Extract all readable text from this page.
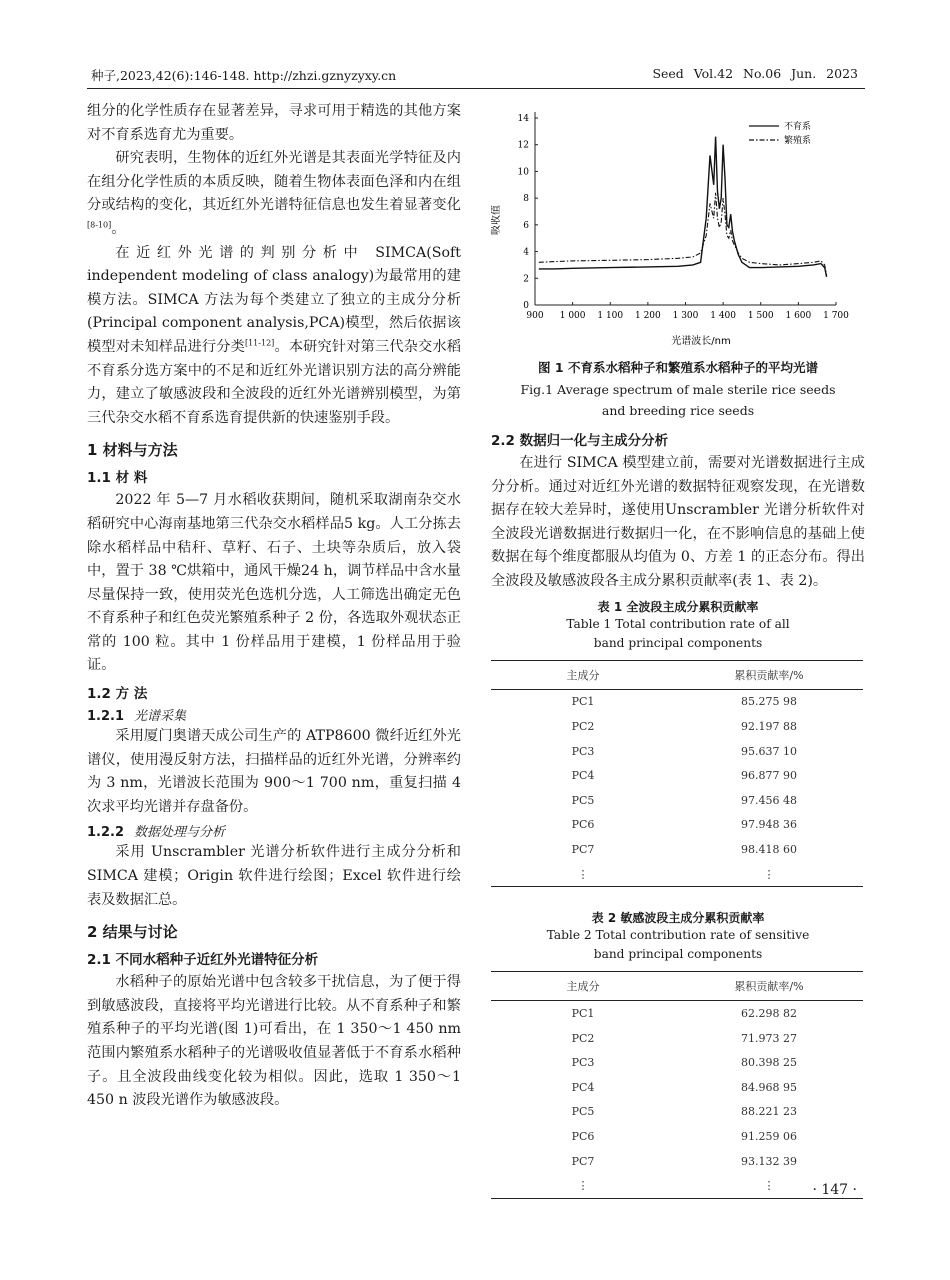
种子,2023,42(6):146-148. http://zhzi.gznyzyxy.cn	Seed Vol.42 No.06 Jun. 2023

组分的化学性质存在显著差异，寻求可用于精选的其他方案对不育系选育尤为重要。

研究表明，生物体的近红外光谱是其表面光学特征及内在组分化学性质的本质反映，随着生物体表面色泽和内在组分或结构的变化，其近红外光谱特征信息也发生着显著变化[8-10]。

在近红外光谱的判别分析中 SIMCA(Soft independent modeling of class analogy)为最常用的建模方法。SIMCA 方法为每个类建立了独立的主成分分析(Principal component analysis,PCA)模型，然后依据该模型对未知样品进行分类[11-12]。本研究针对第三代杂交水稻不育系分选方案中的不足和近红外光谱识别方法的高分辨能力，建立了敏感波段和全波段的近红外光谱辨别模型，为第三代杂交水稻不育系选育提供新的快速鉴别手段。

1 材料与方法
1.1 材 料

2022 年 5—7 月水稻收获期间，随机采取湖南杂交水稻研究中心海南基地第三代杂交水稻样品5 kg。人工分拣去除水稻样品中秸秆、草籽、石子、土块等杂质后，放入袋中，置于 38 ℃烘箱中，通风干燥24 h，调节样品中含水量尽量保持一致，使用荧光色选机分选，人工筛选出确定无色不育系种子和红色荧光繁殖系种子 2 份，各选取外观状态正常的 100 粒。其中 1 份样品用于建模，1 份样品用于验证。

1.2 方 法
1.2.1 光谱采集

采用厦门奥谱天成公司生产的 ATP8600 微纤近红外光谱仪，使用漫反射方法，扫描样品的近红外光谱，分辨率约为 3 nm，光谱波长范围为 900～1 700 nm，重复扫描 4 次求平均光谱并存盘备份。

1.2.2 数据处理与分析

采用 Unscrambler 光谱分析软件进行主成分分析和 SIMCA 建模；Origin 软件进行绘图；Excel 软件进行绘表及数据汇总。

2 结果与讨论
2.1 不同水稻种子近红外光谱特征分析

水稻种子的原始光谱中包含较多干扰信息，为了便于得到敏感波段，直接将平均光谱进行比较。从不育系种子和繁殖系种子的平均光谱(图 1)可看出，在 1 350～1 450 nm 范围内繁殖系水稻种子的光谱吸收值显著低于不育系水稻种子。且全波段曲线变化较为相似。因此，选取 1 350～1 450 n 波段光谱作为敏感波段。

900 1 000 1 100 1 200 1 300 1 400 1 500 1 600 1 700
0
2
4
6
8
10
12
14
不育系
繁殖系
吸收值
光谱波长/nm
图 1 不育系水稻种子和繁殖系水稻种子的平均光谱
Fig.1 Average spectrum of male sterile rice seeds
and breeding rice seeds
2.2 数据归一化与主成分分析

在进行 SIMCA 模型建立前，需要对光谱数据进行主成分分析。通过对近红外光谱的数据特征观察发现，在光谱数据存在较大差异时，遂使用Unscrambler 光谱分析软件对全波段光谱数据进行数据归一化，在不影响信息的基础上使数据在每个维度都服从均值为 0、方差 1 的正态分布。得出全波段及敏感波段各主成分累积贡献率(表 1、表 2)。

表 1 全波段主成分累积贡献率
Table 1 Total contribution rate of all
band principal components
主成分	累积贡献率/%
PC1	85.275 98
PC2	92.197 88
PC3	95.637 10
PC4	96.877 90
PC5	97.456 48
PC6	97.948 36
PC7	98.418 60
⋮	⋮
表 2 敏感波段主成分累积贡献率
Table 2 Total contribution rate of sensitive
band principal components
主成分	累积贡献率/%
PC1	62.298 82
PC2	71.973 27
PC3	80.398 25
PC4	84.968 95
PC5	88.221 23
PC6	91.259 06
PC7	93.132 39
⋮	⋮	· 147 ·
